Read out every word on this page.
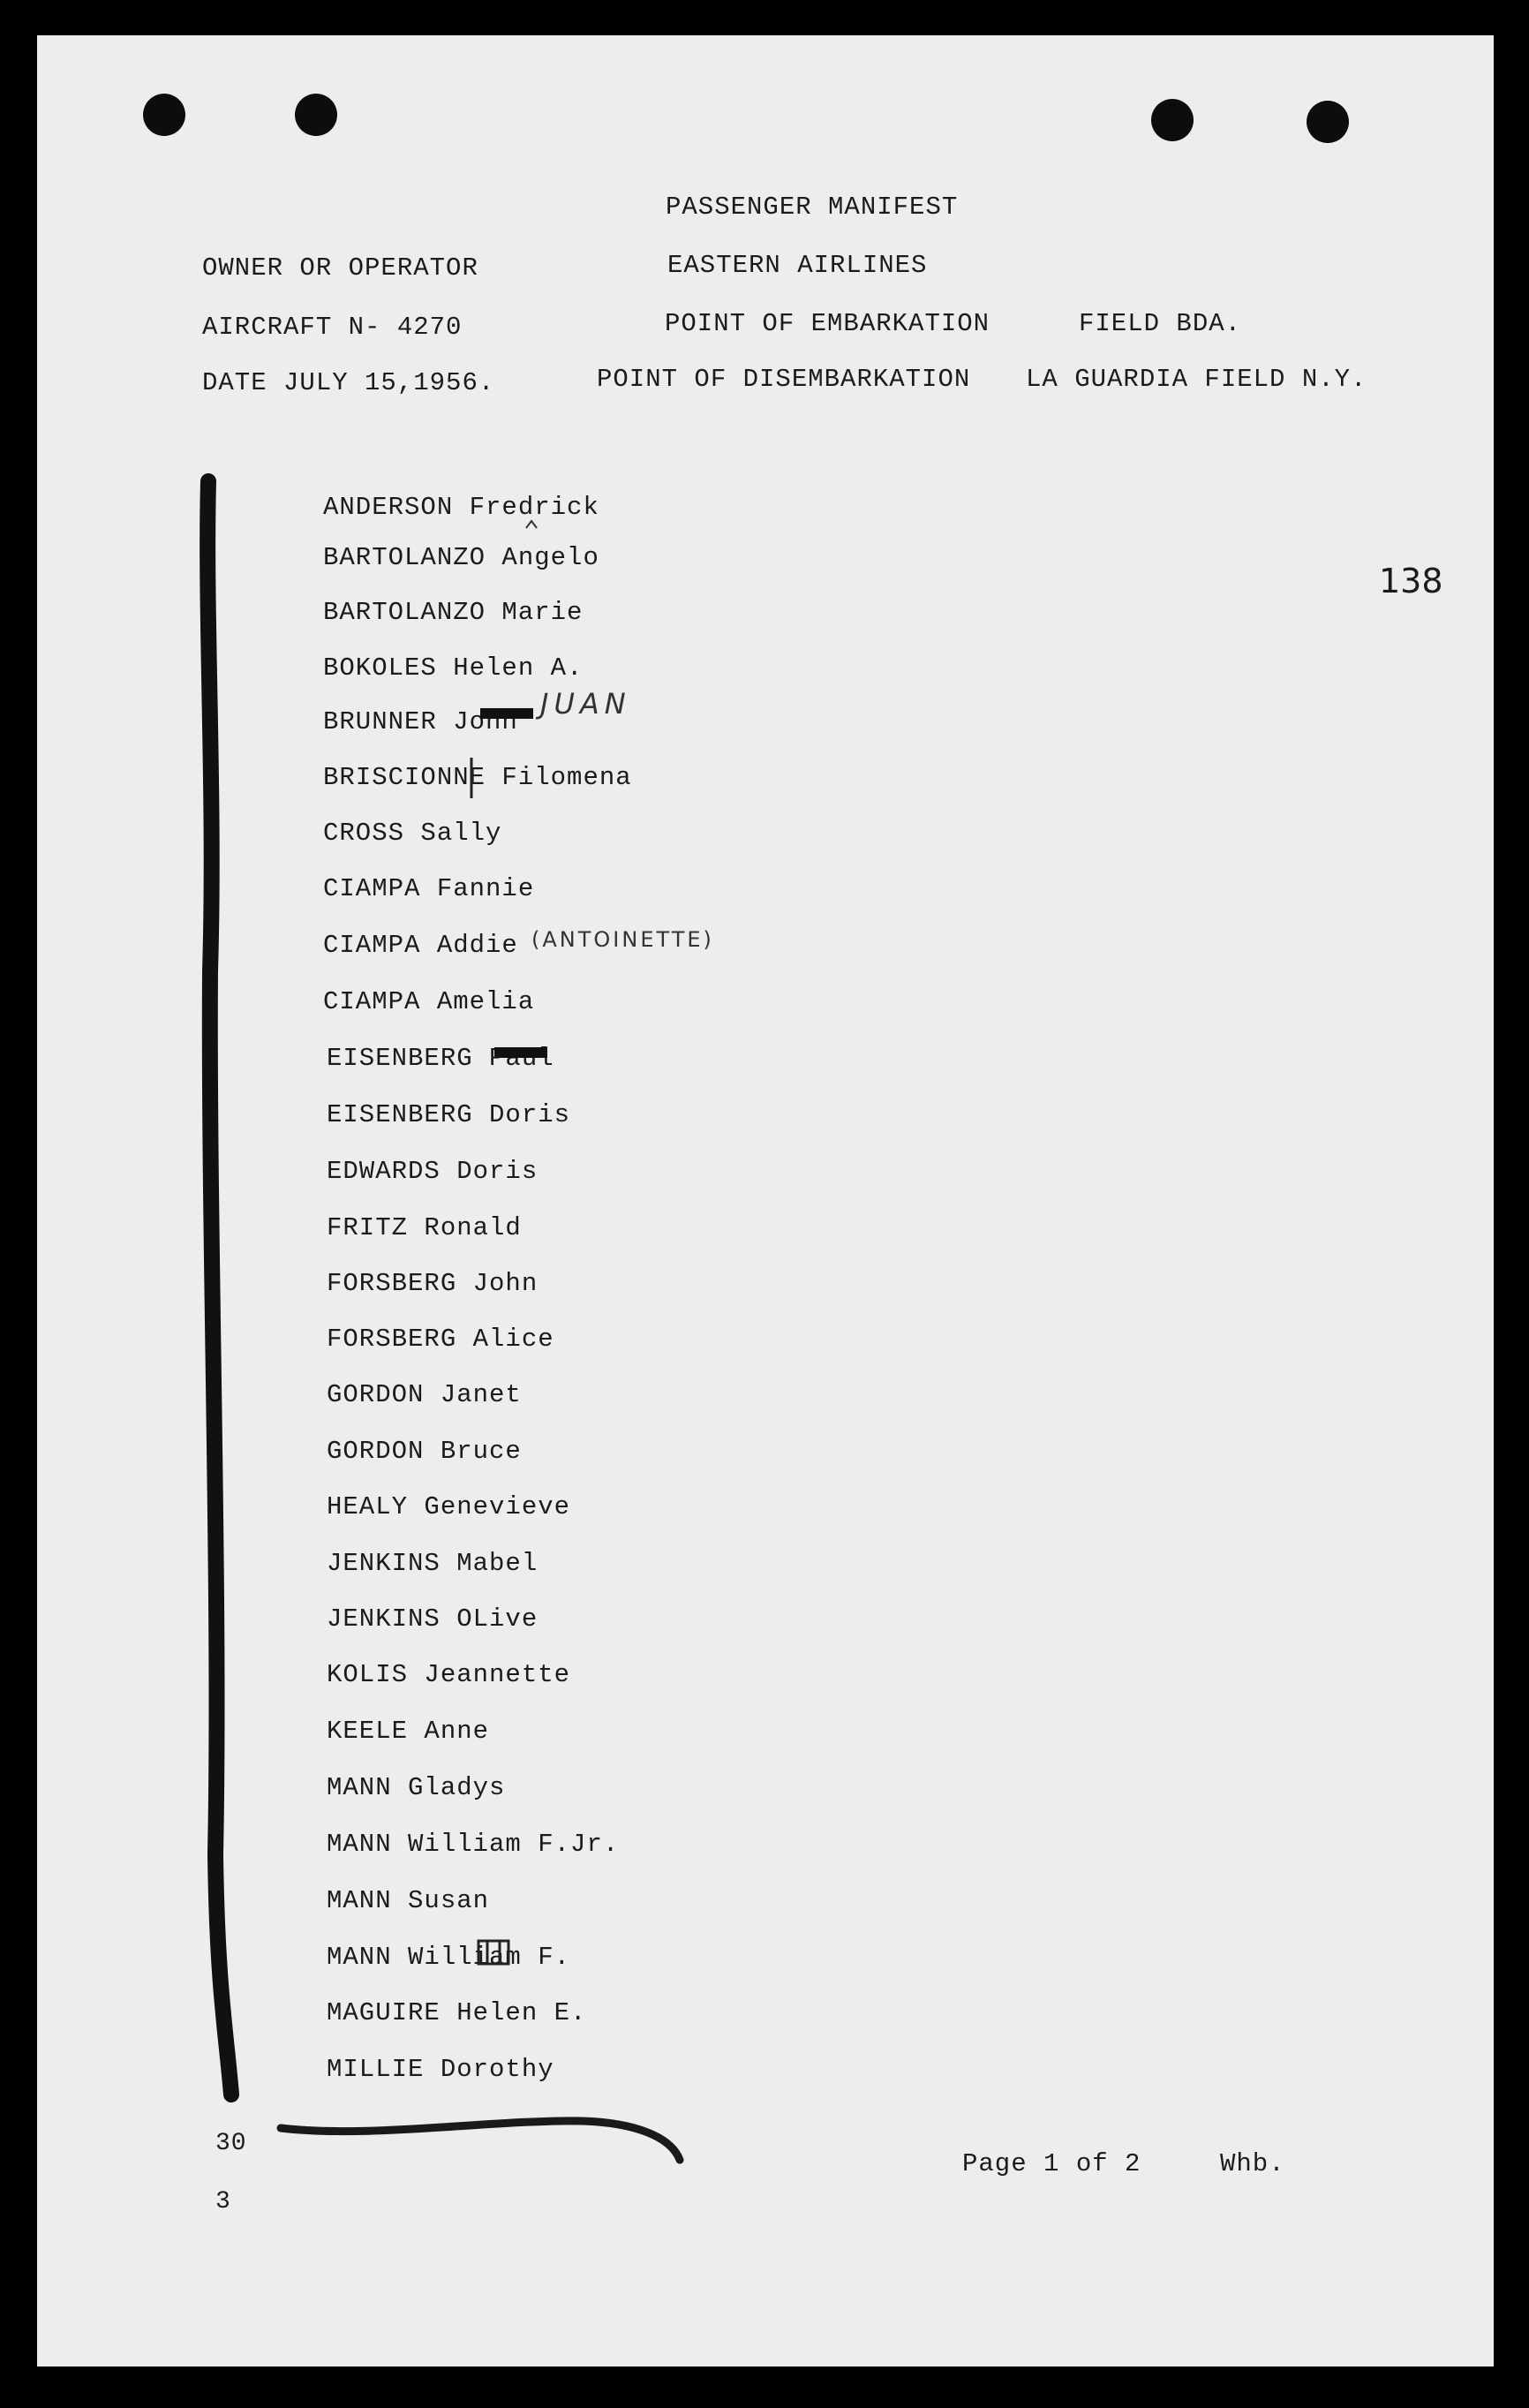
PASSENGER MANIFEST
OWNER OR OPERATOR	EASTERN AIRLINES
AIRCRAFT N- 4270	POINT OF EMBARKATION	FIELD BDA.
DATE JULY 15,1956.	POINT OF DISEMBARKATION LA GUARDIA FIELD N.Y.
138
ANDERSON Fredrick
BARTOLANZO Angelo
BARTOLANZO Marie
BOKOLES Helen A.
BRUNNER John
BRISCIONNE Filomena
CROSS Sally
CIAMPA Fannie
CIAMPA Addie
CIAMPA Amelia
EISENBERG Paul
EISENBERG Doris
EDWARDS Doris
FRITZ Ronald
FORSBERG John
FORSBERG Alice
GORDON Janet
GORDON Bruce
HEALY Genevieve
JENKINS Mabel
JENKINS OLive
KOLIS Jeannette
KEELE Anne
MANN Gladys
MANN William F.Jr.
MANN Susan
MANN William F.
MAGUIRE Helen E.
MILLIE Dorothy
JUAN
(ANTOINETTE)
30
3
Page 1 of 2	Whb.
